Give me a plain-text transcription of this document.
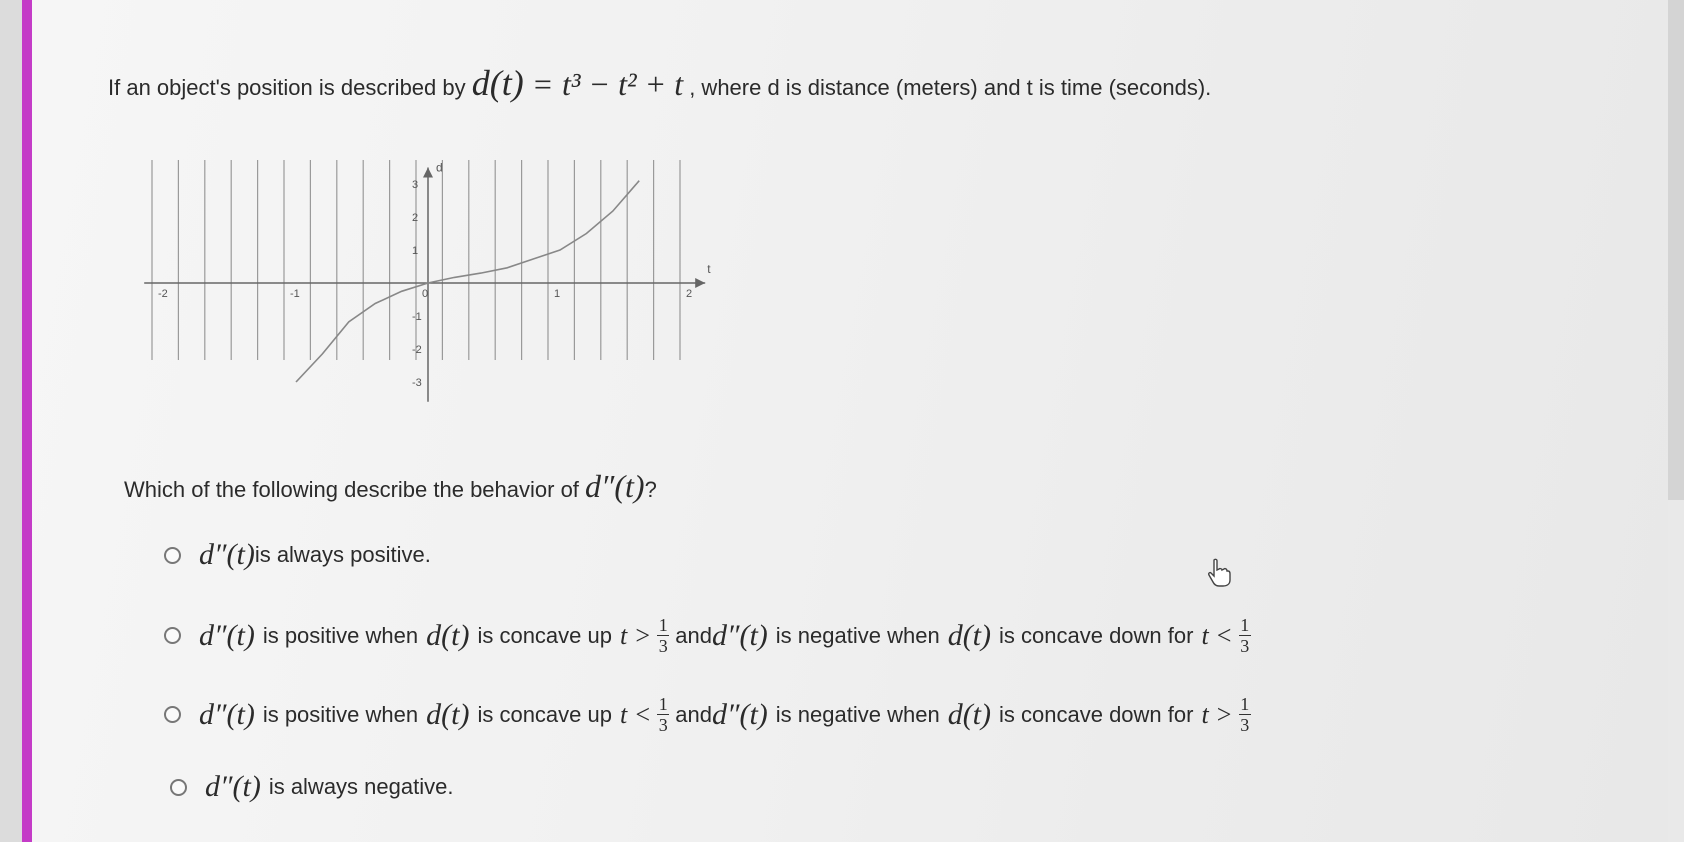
If an object's position is described by d(t) = t³ − t² + t , where d is distance (meters) and t is time (seconds).
-2	-1	0	1	2
3
2
1
-1
-2
-3
t
d
Which of the following describe the behavior of d″(t)?
d″(t) is always positive.
d″(t) is positive when d(t) is concave up $t > \frac{1}{3}$ and d″(t) is negative when d(t) is concave down for $t < \frac{1}{3}$
d″(t) is positive when d(t) is concave up $t < \frac{1}{3}$ and d″(t) is negative when d(t) is concave down for $t > \frac{1}{3}$
d″(t) is always negative.
